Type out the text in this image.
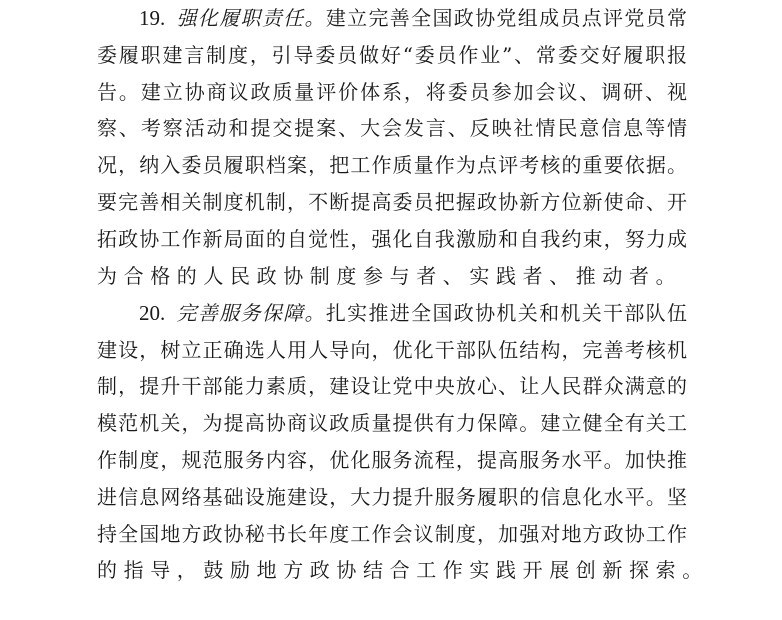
19. 强化履职责任。建立完善全国政协党组成员点评党员常
委履职建言制度，引导委员做好“委员作业”、常委交好履职报
告。建立协商议政质量评价体系，将委员参加会议、调研、视
察、考察活动和提交提案、大会发言、反映社情民意信息等情
况，纳入委员履职档案，把工作质量作为点评考核的重要依据。
要完善相关制度机制，不断提高委员把握政协新方位新使命、开
拓政协工作新局面的自觉性，强化自我激励和自我约束，努力成
为合格的人民政协制度参与者、实践者、推动者。
20. 完善服务保障。扎实推进全国政协机关和机关干部队伍
建设，树立正确选人用人导向，优化干部队伍结构，完善考核机
制，提升干部能力素质，建设让党中央放心、让人民群众满意的
模范机关，为提高协商议政质量提供有力保障。建立健全有关工
作制度，规范服务内容，优化服务流程，提高服务水平。加快推
进信息网络基础设施建设，大力提升服务履职的信息化水平。坚
持全国地方政协秘书长年度工作会议制度，加强对地方政协工作
的指导，鼓励地方政协结合工作实践开展创新探索。
